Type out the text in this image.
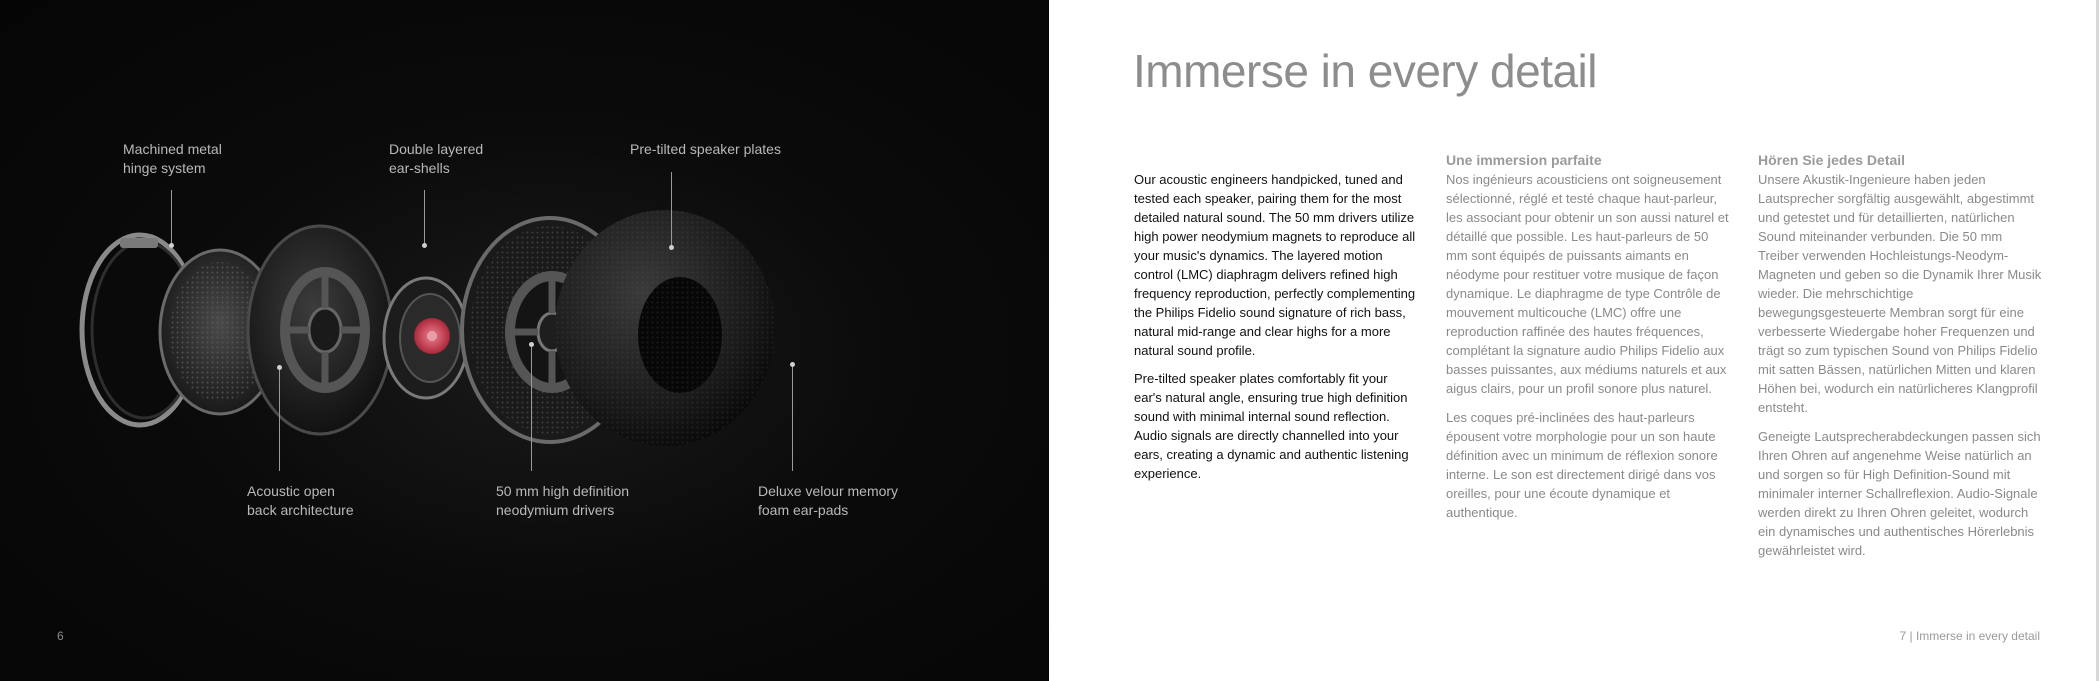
Machined metal
hinge system
Double layered
ear-shells
Pre-tilted speaker plates
Acoustic open
back architecture
50 mm high definition
neodymium drivers
Deluxe velour memory
foam ear-pads
6
Immerse in every detail

Our acoustic engineers handpicked, tuned and tested each speaker, pairing them for the most detailed natural sound. The 50 mm drivers utilize high power neodymium magnets to reproduce all your music's dynamics. The layered motion control (LMC) diaphragm delivers refined high frequency reproduction, perfectly complementing the Philips Fidelio sound signature of rich bass, natural mid-range and clear highs for a more natural sound profile.

Pre-tilted speaker plates comfortably fit your ear's natural angle, ensuring true high definition sound with minimal internal sound reflection. Audio signals are directly channelled into your ears, creating a dynamic and authentic listening experience.

Une immersion parfaite

Nos ingénieurs acousticiens ont soigneusement sélectionné, réglé et testé chaque haut-parleur, les associant pour obtenir un son aussi naturel et détaillé que possible. Les haut-parleurs de 50 mm sont équipés de puissants aimants en néodyme pour restituer votre musique de façon dynamique. Le diaphragme de type Contrôle de mouvement multicouche (LMC) offre une reproduction raffinée des hautes fréquences, complétant la signature audio Philips Fidelio aux basses puissantes, aux médiums naturels et aux aigus clairs, pour un profil sonore plus naturel.

Les coques pré-inclinées des haut-parleurs épousent votre morphologie pour un son haute définition avec un minimum de réflexion sonore interne. Le son est directement dirigé dans vos oreilles, pour une écoute dynamique et authentique.

Hören Sie jedes Detail

Unsere Akustik-Ingenieure haben jeden Lautsprecher sorgfältig ausgewählt, abgestimmt und getestet und für detaillierten, natürlichen Sound miteinander verbunden. Die 50 mm Treiber verwenden Hochleistungs-Neodym-Magneten und geben so die Dynamik Ihrer Musik wieder. Die mehrschichtige bewegungsgesteuerte Membran sorgt für eine verbesserte Wiedergabe hoher Frequenzen und trägt so zum typischen Sound von Philips Fidelio mit satten Bässen, natürlichen Mitten und klaren Höhen bei, wodurch ein natürlicheres Klangprofil entsteht.

Geneigte Lautsprecherabdeckungen passen sich Ihren Ohren auf angenehme Weise natürlich an und sorgen so für High Definition-Sound mit minimaler interner Schallreflexion. Audio-Signale werden direkt zu Ihren Ohren geleitet, wodurch ein dynamisches und authentisches Hörerlebnis gewährleistet wird.

7 | Immerse in every detail
